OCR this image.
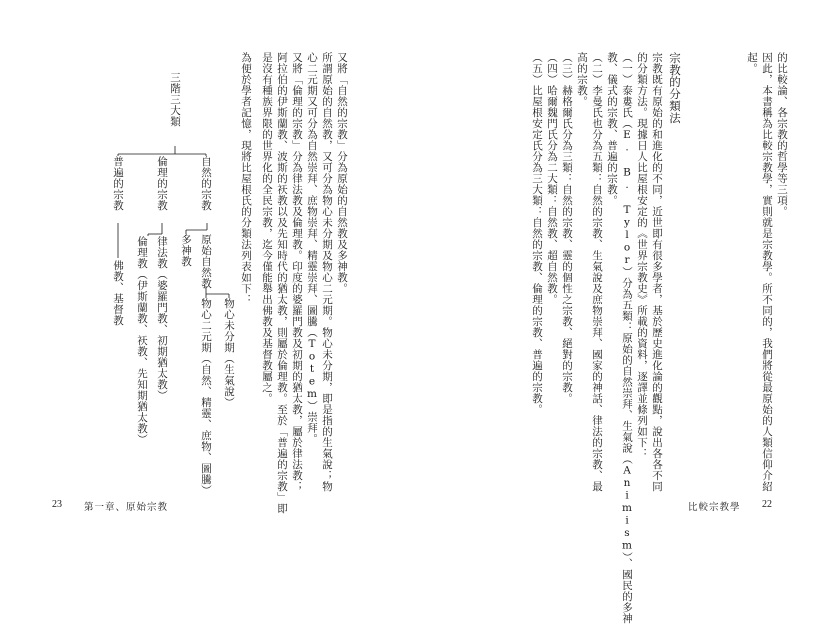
的比較論、各宗教的哲學等三項。
因此，本書稱為比較宗教學，實則就是宗教學。所不同的，我們將從最原始的人類信仰介紹
起。
宗教的分類法
宗教既有原始的和進化的不同，近世即有很多學者，基於歷史進化論的觀點，說出各各不同
的分類方法。現據日人比屋根安定的《世界宗教史》所載的資料，逐譯並條列如下：
（一）泰婁氏（E. B. Tylor）分為五類：原始的自然崇拜、生氣說（Animism）、國民的多神
教、儀式的宗教、普遍的宗教。
（二）李曼氏也分為五類：自然的宗教、生氣說及庶物崇拜、國家的神話、律法的宗教、最
高的宗教。
（三）赫格爾氏分為三類：自然的宗教、靈的個性之宗教、絕對的宗教。
（四）哈爾魏門氏分為二大類：自然教、超自然教。
（五）比屋根安定氏分為三大類：自然的宗教、倫理的宗教、普遍的宗教。
比較宗教學 22
又將「自然的宗教」分為原始的自然教及多神教。
所謂原始的自然教，又可分為物心未分期及物心二元期。物心未分期，即是指的生氣說；物
心二元期又可分為自然崇拜、庶物崇拜、精靈崇拜、圖騰（Totem）崇拜。
又將「倫理的宗教」分為律法教及倫理教。印度的婆羅門教及初期的猶太教，屬於律法教；
阿拉伯的伊斯蘭教、波斯的祆教以及先知時代的猶太教，則屬於倫理教。至於「普遍的宗教」即
是沒有種族界限的世界化的全民宗教，迄今僅能舉出佛教及基督教屬之。
為便於學者記憶，現將比屋根氏的分類法列表如下：
三階三大類
自然的宗教
倫理的宗教
普遍的宗教
原始自然教
多神教
物心未分期（生氣說）
物心二元期（自然、精靈、庶物、圖騰）
律法教（婆羅門教、初期猶太教）
倫理教（伊斯蘭教、祆教、先知期猶太教）
佛教、基督教
23 第一章、原始宗教
